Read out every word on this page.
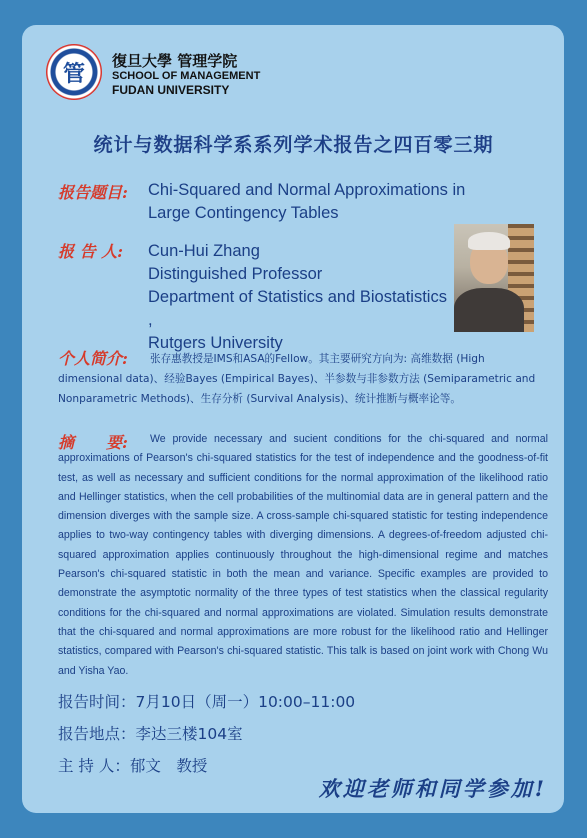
管	復旦大學 管理学院
SCHOOL OF MANAGEMENT
FUDAN UNIVERSITY
统计与数据科学系系列学术报告之四百零三期
报告题目: Chi-Squared and Normal Approximations in
Large Contingency Tables
报 告 人: Cun-Hui Zhang
Distinguished Professor
Department of Statistics and Biostatistics ,
Rutgers University
个人简介:	张存惠教授是IMS和ASA的Fellow。其主要研究方向为: 高维数据 (High dimensional data)、经验Bayes (Empirical Bayes)、半参数与非参数方法 (Semiparametric and Nonparametric Methods)、生存分析 (Survival Analysis)、统计推断与概率论等。
摘　　要:	We provide necessary and sucient conditions for the chi-squared and normal approximations of Pearson's chi-squared statistics for the test of independence and the goodness-of-fit test, as well as necessary and sufficient conditions for the normal approximation of the likelihood ratio and Hellinger statistics, when the cell probabilities of the multinomial data are in general pattern and the dimension diverges with the sample size. A cross-sample chi-squared statistic for testing independence applies to two-way contingency tables with diverging dimensions. A degrees-of-freedom adjusted chi-squared approximation applies continuously throughout the high-dimensional regime and matches Pearson's chi-squared statistic in both the mean and variance. Specific examples are provided to demonstrate the asymptotic normality of the three types of test statistics when the classical regularity conditions for the chi-squared and normal approximations are violated. Simulation results demonstrate that the chi-squared and normal approximations are more robust for the likelihood ratio and Hellinger statistics, compared with Pearson's chi-squared statistic. This talk is based on joint work with Chong Wu and Yisha Yao.
报告时间：7月10日（周一）10:00–11:00
报告地点：李达三楼104室
主 持 人：郁文　教授
欢迎老师和同学参加!
